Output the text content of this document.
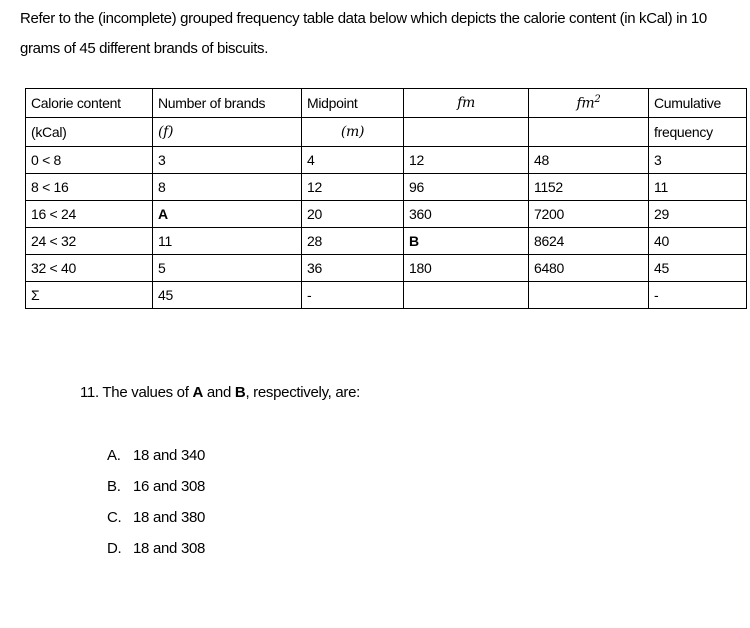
Refer to the (incomplete) grouped frequency table data below which depicts the calorie content (in kCal) in 10 grams of 45 different brands of biscuits.
Calorie content	Number of brands	Midpoint	fm	$fm^2$	Cumulative
(kCal)	(f)	(m)			frequency
0 < 8	3	4	12	48	3
8 < 16	8	12	96	1152	11
16 < 24	A	20	360	7200	29
24 < 32	11	28	B	8624	40
32 < 40	5	36	180	6480	45
Σ	45	-			-
11. The values of A and B, respectively, are:
A. 18 and 340
B. 16 and 308
C. 18 and 380
D. 18 and 308
